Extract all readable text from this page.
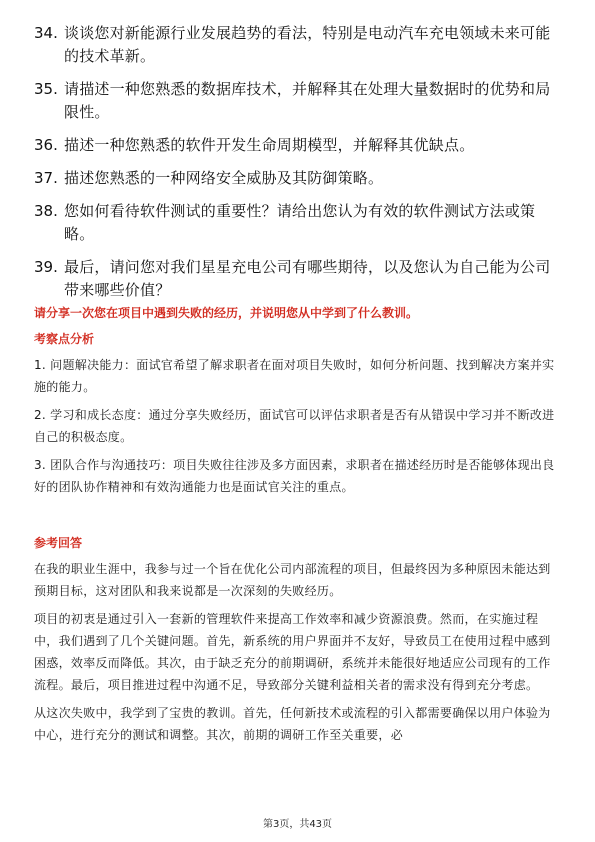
34. 谈谈您对新能源行业发展趋势的看法，特别是电动汽车充电领域未来可能的技术革新。
35. 请描述一种您熟悉的数据库技术，并解释其在处理大量数据时的优势和局限性。
36. 描述一种您熟悉的软件开发生命周期模型，并解释其优缺点。
37. 描述您熟悉的一种网络安全威胁及其防御策略。
38. 您如何看待软件测试的重要性？请给出您认为有效的软件测试方法或策略。
39. 最后，请问您对我们星星充电公司有哪些期待，以及您认为自己能为公司带来哪些价值？
请分享一次您在项目中遇到失败的经历，并说明您从中学到了什么教训。
考察点分析

1. 问题解决能力：面试官希望了解求职者在面对项目失败时，如何分析问题、找到解决方案并实施的能力。

2. 学习和成长态度：通过分享失败经历，面试官可以评估求职者是否有从错误中学习并不断改进自己的积极态度。

3. 团队合作与沟通技巧：项目失败往往涉及多方面因素，求职者在描述经历时是否能够体现出良好的团队协作精神和有效沟通能力也是面试官关注的重点。

参考回答

在我的职业生涯中，我参与过一个旨在优化公司内部流程的项目，但最终因为多种原因未能达到预期目标，这对团队和我来说都是一次深刻的失败经历。

项目的初衷是通过引入一套新的管理软件来提高工作效率和减少资源浪费。然而，在实施过程中，我们遇到了几个关键问题。首先，新系统的用户界面并不友好，导致员工在使用过程中感到困惑，效率反而降低。其次，由于缺乏充分的前期调研，系统并未能很好地适应公司现有的工作流程。最后，项目推进过程中沟通不足，导致部分关键利益相关者的需求没有得到充分考虑。

从这次失败中，我学到了宝贵的教训。首先，任何新技术或流程的引入都需要确保以用户体验为中心，进行充分的测试和调整。其次，前期的调研工作至关重要，必

第3页，共43页
